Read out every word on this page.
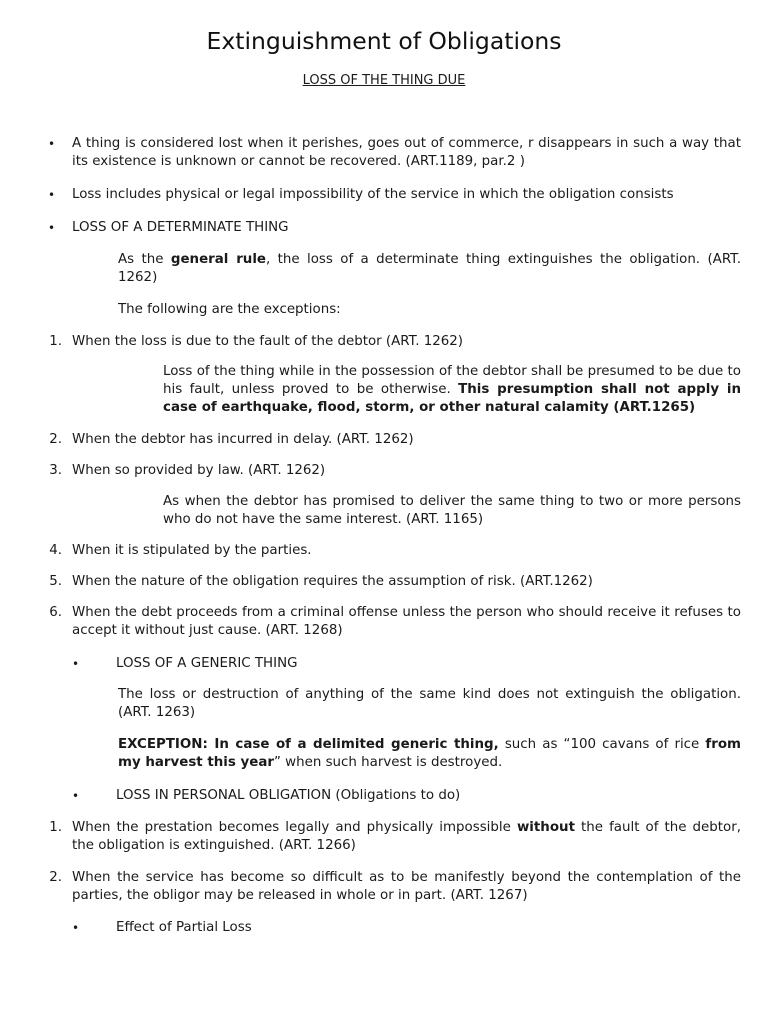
Extinguishment of Obligations
LOSS OF THE THING DUE
• A thing is considered lost when it perishes, goes out of commerce, r disappears in such a way that its existence is unknown or cannot be recovered. (ART.1189, par.2 )
• Loss includes physical or legal impossibility of the service in which the obligation consists
• LOSS OF A DETERMINATE THING
As the general rule, the loss of a determinate thing extinguishes the obligation. (ART. 1262)
The following are the exceptions:
1. When the loss is due to the fault of the debtor (ART. 1262)
Loss of the thing while in the possession of the debtor shall be presumed to be due to his fault, unless proved to be otherwise. This presumption shall not apply in case of earthquake, flood, storm, or other natural calamity (ART.1265)
2. When the debtor has incurred in delay. (ART. 1262)
3. When so provided by law. (ART. 1262)
As when the debtor has promised to deliver the same thing to two or more persons who do not have the same interest. (ART. 1165)
4. When it is stipulated by the parties.
5. When the nature of the obligation requires the assumption of risk. (ART.1262)
6. When the debt proceeds from a criminal offense unless the person who should receive it refuses to accept it without just cause. (ART. 1268)
•	LOSS OF A GENERIC THING
The loss or destruction of anything of the same kind does not extinguish the obligation. (ART. 1263)
EXCEPTION: In case of a delimited generic thing, such as “100 cavans of rice from my harvest this year” when such harvest is destroyed.
•	LOSS IN PERSONAL OBLIGATION (Obligations to do)
1. When the prestation becomes legally and physically impossible without the fault of the debtor, the obligation is extinguished. (ART. 1266)
2. When the service has become so difficult as to be manifestly beyond the contemplation of the parties, the obligor may be released in whole or in part. (ART. 1267)
•	Effect of Partial Loss
